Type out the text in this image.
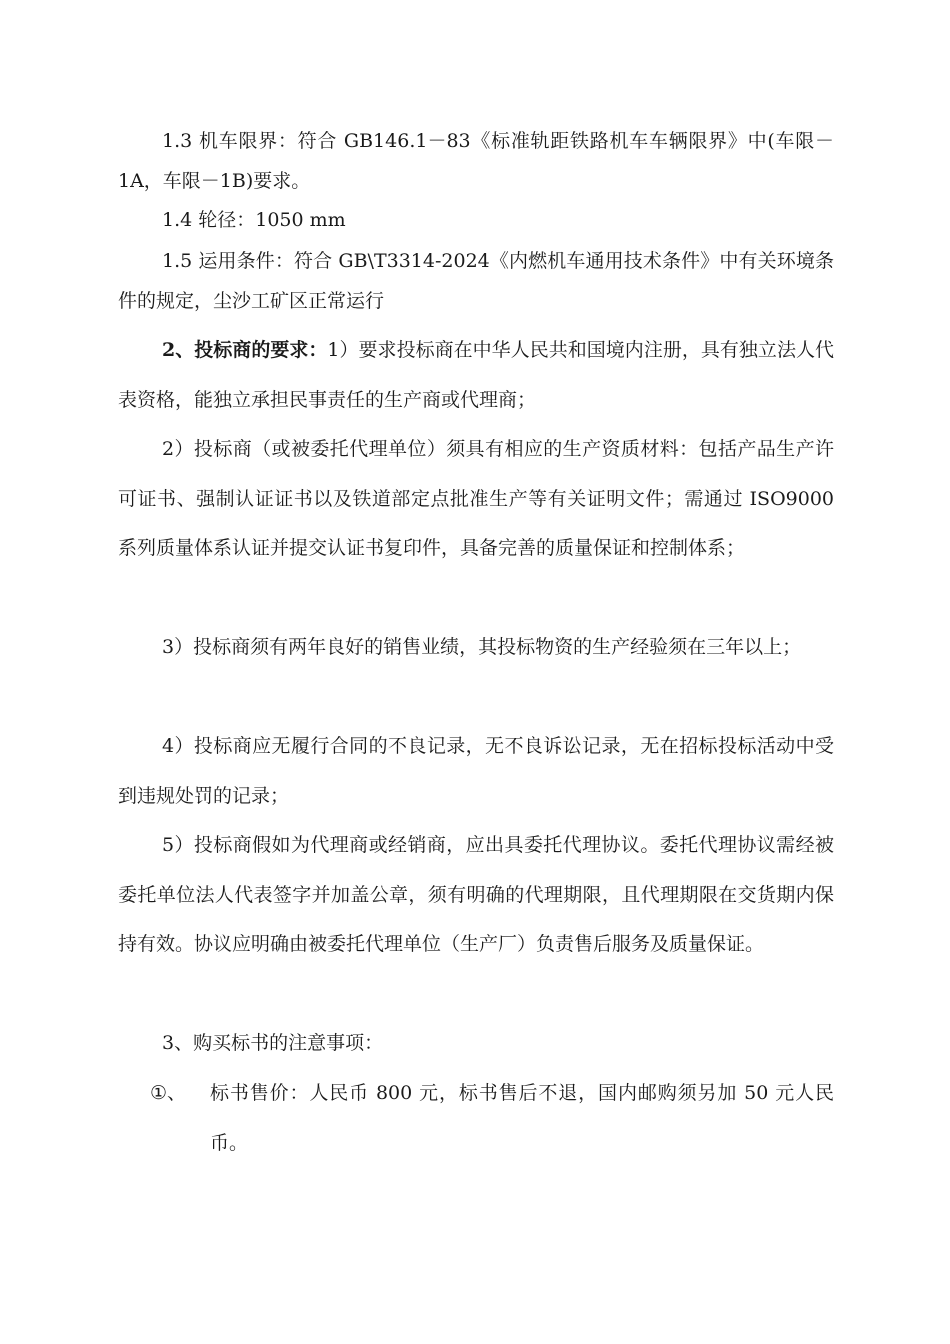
1.3 机车限界：符合 GB146.1－83《标准轨距铁路机车车辆限界》中(车限－1A，车限－1B)要求。

1.4 轮径：1050 mm

1.5 运用条件：符合 GB\T3314-2024《内燃机车通用技术条件》中有关环境条件的规定，尘沙工矿区正常运行

2、投标商的要求：1）要求投标商在中华人民共和国境内注册，具有独立法人代表资格，能独立承担民事责任的生产商或代理商；

2）投标商（或被委托代理单位）须具有相应的生产资质材料：包括产品生产许可证书、强制认证证书以及铁道部定点批准生产等有关证明文件；需通过 ISO9000 系列质量体系认证并提交认证书复印件，具备完善的质量保证和控制体系；

3）投标商须有两年良好的销售业绩，其投标物资的生产经验须在三年以上；

4）投标商应无履行合同的不良记录，无不良诉讼记录，无在招标投标活动中受到违规处罚的记录；

5）投标商假如为代理商或经销商，应出具委托代理协议。委托代理协议需经被委托单位法人代表签字并加盖公章，须有明确的代理期限，且代理期限在交货期内保持有效。协议应明确由被委托代理单位（生产厂）负责售后服务及质量保证。

3、购买标书的注意事项：

①、 标书售价：人民币 800 元，标书售后不退，国内邮购须另加 50 元人民币。
